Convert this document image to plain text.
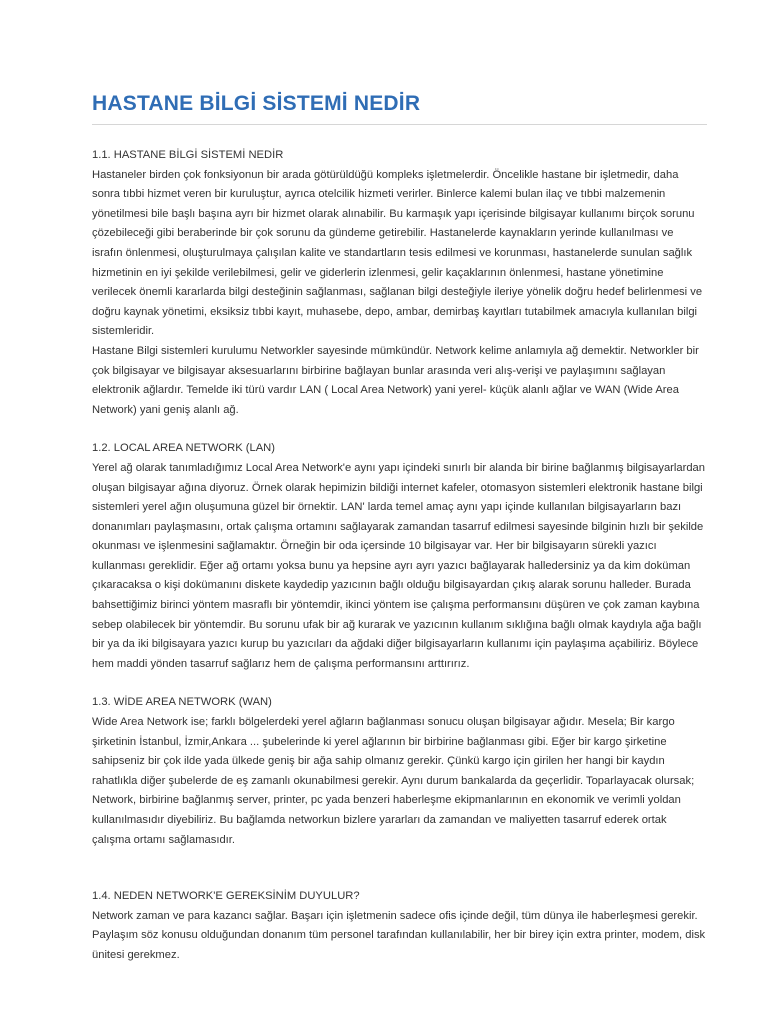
HASTANE BİLGİ SİSTEMİ NEDİR
1.1. HASTANE BİLGİ SİSTEMİ NEDİR

Hastaneler birden çok fonksiyonun bir arada götürüldüğü kompleks işletmelerdir. Öncelikle hastane bir işletmedir, daha sonra tıbbi hizmet veren bir kuruluştur, ayrıca otelcilik hizmeti verirler. Binlerce kalemi bulan ilaç ve tıbbi malzemenin yönetilmesi bile başlı başına ayrı bir hizmet olarak alınabilir. Bu karmaşık yapı içerisinde bilgisayar kullanımı birçok sorunu çözebileceği gibi beraberinde bir çok sorunu da gündeme getirebilir. Hastanelerde kaynakların yerinde kullanılması ve israfın önlenmesi, oluşturulmaya çalışılan kalite ve standartların tesis edilmesi ve korunması, hastanelerde sunulan sağlık hizmetinin en iyi şekilde verilebilmesi, gelir ve giderlerin izlenmesi, gelir kaçaklarının önlenmesi, hastane yönetimine verilecek önemli kararlarda bilgi desteğinin sağlanması, sağlanan bilgi desteğiyle ileriye yönelik doğru hedef belirlenmesi ve doğru kaynak yönetimi, eksiksiz tıbbi kayıt, muhasebe, depo, ambar, demirbaş kayıtları tutabilmek amacıyla kullanılan bilgi sistemleridir.

Hastane Bilgi sistemleri kurulumu Networkler sayesinde mümkündür. Network kelime anlamıyla ağ demektir. Networkler bir çok bilgisayar ve bilgisayar aksesuarlarını birbirine bağlayan bunlar arasında veri alış-verişi ve paylaşımını sağlayan elektronik ağlardır. Temelde iki türü vardır LAN ( Local Area Network) yani yerel- küçük alanlı ağlar ve WAN (Wide Area Network) yani geniş alanlı ağ.

1.2. LOCAL AREA NETWORK (LAN)

Yerel ağ olarak tanımladığımız Local Area Network'e aynı yapı içindeki sınırlı bir alanda bir birine bağlanmış bilgisayarlardan oluşan bilgisayar ağına diyoruz. Örnek olarak hepimizin bildiği internet kafeler, otomasyon sistemleri elektronik hastane bilgi sistemleri yerel ağın oluşumuna güzel bir örnektir. LAN' larda temel amaç aynı yapı içinde kullanılan bilgisayarların bazı donanımları paylaşmasını, ortak çalışma ortamını sağlayarak zamandan tasarruf edilmesi sayesinde bilginin hızlı bir şekilde okunması ve işlenmesini sağlamaktır. Örneğin bir oda içersinde 10 bilgisayar var. Her bir bilgisayarın sürekli yazıcı kullanması gereklidir. Eğer ağ ortamı yoksa bunu ya hepsine ayrı ayrı yazıcı bağlayarak halledersiniz ya da kim doküman çıkaracaksa o kişi dokümanını diskete kaydedip yazıcının bağlı olduğu bilgisayardan çıkış alarak sorunu halleder. Burada bahsettiğimiz birinci yöntem masraflı bir yöntemdir, ikinci yöntem ise çalışma performansını düşüren ve çok zaman kaybına sebep olabilecek bir yöntemdir. Bu sorunu ufak bir ağ kurarak ve yazıcının kullanım sıklığına bağlı olmak kaydıyla ağa bağlı bir ya da iki bilgisayara yazıcı kurup bu yazıcıları da ağdaki diğer bilgisayarların kullanımı için paylaşıma açabiliriz. Böylece hem maddi yönden tasarruf sağlarız hem de çalışma performansını arttırırız.

1.3. WİDE AREA NETWORK (WAN)

Wide Area Network ise; farklı bölgelerdeki yerel ağların bağlanması sonucu oluşan bilgisayar ağıdır. Mesela; Bir kargo şirketinin İstanbul, İzmir,Ankara ... şubelerinde ki yerel ağlarının bir birbirine bağlanması gibi. Eğer bir kargo şirketine sahipseniz bir çok ilde yada ülkede geniş bir ağa sahip olmanız gerekir. Çünkü kargo için girilen her hangi bir kaydın rahatlıkla diğer şubelerde de eş zamanlı okunabilmesi gerekir. Aynı durum bankalarda da geçerlidir. Toparlayacak olursak; Network, birbirine bağlanmış server, printer, pc yada benzeri haberleşme ekipmanlarının en ekonomik ve verimli yoldan kullanılmasıdır diyebiliriz. Bu bağlamda networkun bizlere yararları da zamandan ve maliyetten tasarruf ederek ortak çalışma ortamı sağlamasıdır.

1.4. NEDEN NETWORK'E GEREKSİNİM DUYULUR?

Network zaman ve para kazancı sağlar. Başarı için işletmenin sadece ofis içinde değil, tüm dünya ile haberleşmesi gerekir. Paylaşım söz konusu olduğundan donanım tüm personel tarafından kullanılabilir, her bir birey için extra printer, modem, disk ünitesi gerekmez.
